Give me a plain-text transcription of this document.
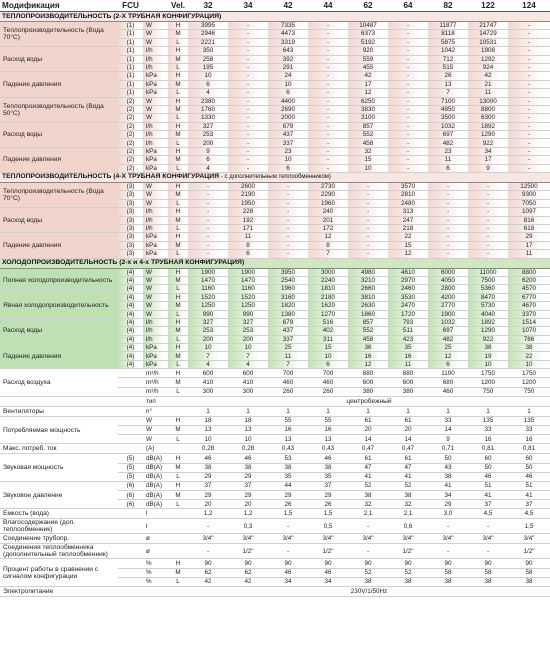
Модификация	FCU		Vel.	32	34	42	44	62	64	82	122	124
ТЕПЛОПРОИЗВОДИТЕЛЬНОСТЬ (2-Х ТРУБНАЯ КОНФИГУРАЦИЯ)												
Теплопроизводительность (Вода 70°С)	(1)	W	H	3995	-	7335	-	10487	-	11877	21747	-
	(1)	W	M	2946	-	4473	-	6373	-	8118	14729	-
	(1)	W	L	2221	-	3319	-	5192	-	5875	10531	-
Расход воды	(1)	l/h	H	350	-	643	-	920	-	1042	1908	-
	(1)	l/h	M	258	-	392	-	559	-	712	1292	-
	(1)	l/h	L	195	-	291	-	455	-	515	924	-
Падение давления	(1)	kPa	H	10	-	24	-	42	-	26	42	-
	(1)	kPa	M	6	-	10	-	17	-	13	21	-
	(1)	kPa	L	4	-	6	-	12	-	7	11	-
Теплопроизводительность (Вода 50°С)	(2)	W	H	2380	-	4400	-	6250	-	7100	13000	-
	(2)	W	M	1760	-	2690	-	3830	-	4850	8800	-
	(2)	W	L	1330	-	2000	-	3100	-	3500	6300	-
Расход воды	(2)	l/h	H	327	-	679	-	857	-	1032	1892	-
	(2)	l/h	M	253	-	437	-	552	-	697	1290	-
	(2)	l/h	L	200	-	337	-	458	-	482	922	-
Падение давления	(2)	kPa	H	9	-	23	-	32	-	23	34	-
	(2)	kPa	M	6	-	10	-	15	-	11	17	-
	(2)	kPa	L	4	-	6	-	10	-	6	9	-
ТЕПЛОПРОИЗВОДИТЕЛЬНОСТЬ (4-Х ТРУБНАЯ КОНФИГУРАЦИЯ - с дополнительным теплообменником)												
Теплопроизводительность (Вода 70°С)	(3)	W	H	-	2600	-	2730	-	3570	-	-	12500
	(3)	W	M	-	2190	-	2290	-	2810	-	-	9300
	(3)	W	L	-	1950	-	1960	-	2480	-	-	7050
Расход воды	(3)	l/h	H	-	228	-	240	-	313	-	-	1097
	(3)	l/h	M	-	192	-	201	-	247	-	-	816
	(3)	l/h	L	-	171	-	172	-	218	-	-	618
Падение давления	(3)	kPa	H	-	11	-	12	-	22	-	-	29
	(3)	kPa	M	-	8	-	8	-	15	-	-	17
	(3)	kPa	L	-	6	-	7	-	12	-	-	11
ХОЛОДОПРОИЗВОДИТЕЛЬНОСТЬ (2-х и 4-х ТРУБНАЯ КОНФИГУРАЦИЯ)												
Полная холодопроизводительность	(4)	W	H	1900	1900	3950	3000	4980	4610	6000	11000	8800
	(4)	W	M	1470	1470	2540	2240	3210	2970	4050	7500	6200
	(4)	W	L	1160	1160	1960	1810	2660	2460	2800	5360	4570
Явная холодопроизводительность	(4)	W	H	1520	1520	3160	2180	3810	3530	4200	8470	6770
	(4)	W	M	1250	1250	1820	1620	2630	2470	2770	5730	4670
	(4)	W	L	990	990	1380	1270	1860	1720	1900	4040	3370
Расход воды	(4)	l/h	H	327	327	679	516	857	793	1032	1892	1514
	(4)	l/h	M	253	253	437	402	552	511	697	1290	1070
	(4)	l/h	L	200	200	337	311	458	423	482	922	786
Падение давления	(4)	kPa	H	10	10	25	15	36	35	25	38	38
	(4)	kPa	M	7	7	11	10	16	16	12	19	22
	(4)	kPa	L	4	4	7	6	12	11	6	10	10
Расход воздуха		m³/h	H	600	600	700	700	880	880	1100	1750	1750
		m³/h	M	410	410	460	460	600	600	680	1200	1200
		m³/h	L	300	300	260	260	380	380	460	750	750
		тип		центробежный								
Вентиляторы		n°		1	1	1	1	1	1	1	1	1
Потребляемая мощность		W	H	18	18	55	55	61	61	33	135	135
		W	M	13	13	16	16	20	20	14	33	33
		W	L	10	10	13	13	14	14	9	16	16
Макс. потреб. ток		(A)		0,28	0,28	0,43	0,43	0,47	0,47	0,71	0,81	0,81
Звуковая мощность	(5)	dB(A)	H	46	46	53	46	61	61	50	60	60
	(5)	dB(A)	M	38	38	38	38	47	47	43	50	50
	(5)	dB(A)	L	29	29	35	35	41	41	38	46	46
Звуковое давление	(6)	dB(A)	H	37	37	44	37	52	52	41	51	51
	(6)	dB(A)	M	29	29	29	29	38	38	34	41	41
	(6)	dB(A)	L	20	20	26	26	32	32	29	37	37
Емкость (вода)		l		1,2	1,2	1,5	1,5	2,1	2,1	3,0	4,5	4,5
Влагосодержание (доп. теплообменник)		l		-	0,3	-	0,5	-	0,6	-	-	1,5
Соединение трубопр.		ø		3/4"	3/4"	3/4"	3/4"	3/4"	3/4"	3/4"	3/4"	3/4"
Соединения теплообменника (дополнительный теплообменник)		ø		-	1/2"	-	1/2"	-	1/2"	-	-	1/2"
Процент работы в сравнении с сигналом конфигурации		%	H	90	90	90	90	90	90	90	90	90
		%	M	62	62	46	46	52	52	58	58	58
		%	L	42	42	34	34	38	38	38	38	38
Электропитание				230V/1/50Hz								
